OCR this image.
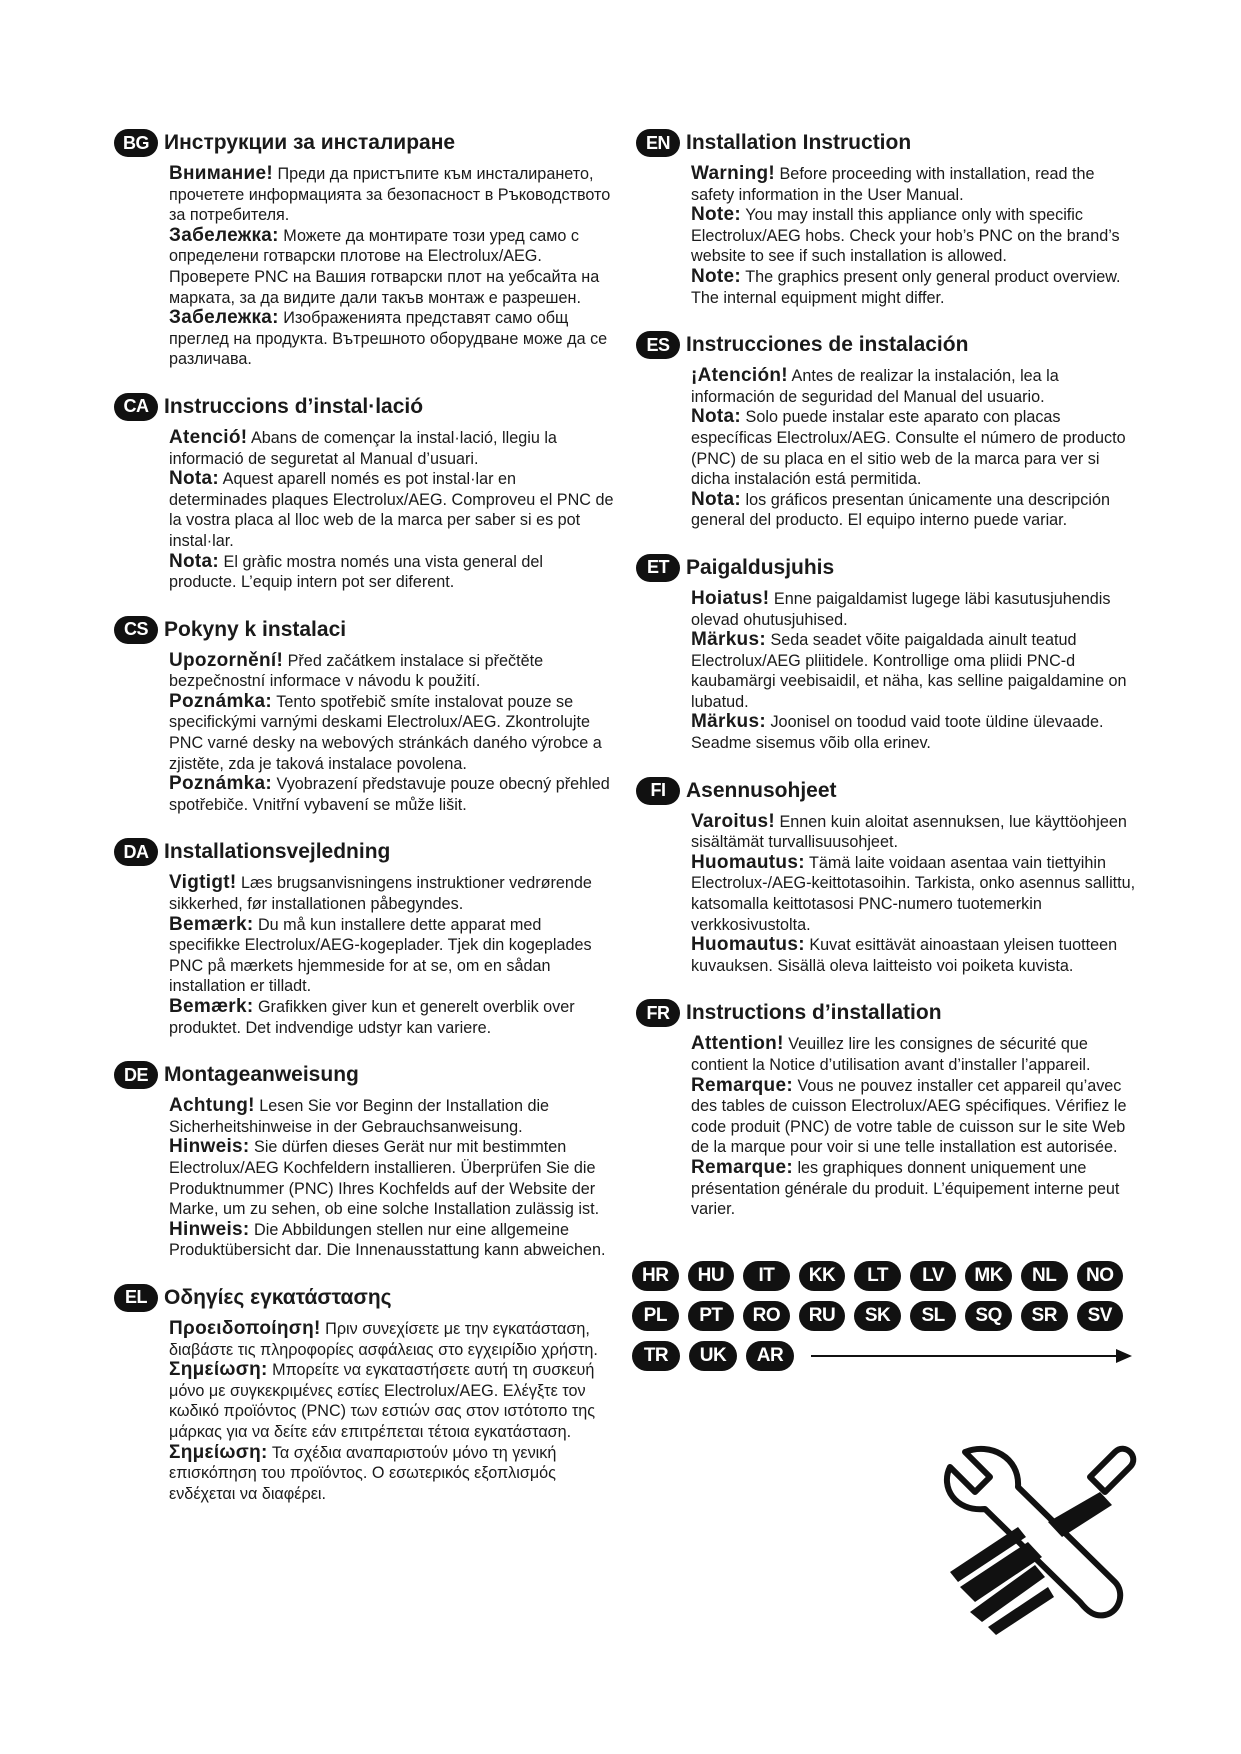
BG Инструкции за инсталиране

Внимание! Преди да пристъпите към инсталирането, прочетете информацията за безопасност в Ръководството за потребителя.

Забележка: Можете да монтирате този уред само с определени готварски плотове на Electrolux/AEG. Проверете PNC на Вашия готварски плот на уебсайта на марката, за да видите дали такъв монтаж е разрешен.

Забележка: Изображенията представят само общ преглед на продукта. Вътрешното оборудване може да се различава.

CA Instruccions d’instal·lació

Atenció! Abans de començar la instal·lació, llegiu la informació de seguretat al Manual d’usuari.

Nota: Aquest aparell només es pot instal·lar en determinades plaques Electrolux/AEG. Comproveu el PNC de la vostra placa al lloc web de la marca per saber si es pot instal·lar.

Nota: El gràfic mostra només una vista general del producte. L’equip intern pot ser diferent.

CS Pokyny k instalaci

Upozornění! Před začátkem instalace si přečtěte bezpečnostní informace v návodu k použití.

Poznámka: Tento spotřebič smíte instalovat pouze se specifickými varnými deskami Electrolux/AEG. Zkontrolujte PNC varné desky na webových stránkách daného výrobce a zjistěte, zda je taková instalace povolena.

Poznámka: Vyobrazení představuje pouze obecný přehled spotřebiče. Vnitřní vybavení se může lišit.

DA Installationsvejledning

Vigtigt! Læs brugsanvisningens instruktioner vedrørende sikkerhed, før installationen påbegyndes.

Bemærk: Du må kun installere dette apparat med specifikke Electrolux/AEG-kogeplader. Tjek din kogeplades PNC på mærkets hjemmeside for at se, om en sådan installation er tilladt.

Bemærk: Grafikken giver kun et generelt overblik over produktet. Det indvendige udstyr kan variere.

DE Montageanweisung

Achtung! Lesen Sie vor Beginn der Installation die Sicherheitshinweise in der Gebrauchsanweisung.

Hinweis: Sie dürfen dieses Gerät nur mit bestimmten Electrolux/AEG Kochfeldern installieren. Überprüfen Sie die Produktnummer (PNC) Ihres Kochfelds auf der Website der Marke, um zu sehen, ob eine solche Installation zulässig ist.

Hinweis: Die Abbildungen stellen nur eine allgemeine Produktübersicht dar. Die Innenausstattung kann abweichen.

EL Οδηγίες εγκατάστασης

Προειδοποίηση! Πριν συνεχίσετε με την εγκατάσταση, διαβάστε τις πληροφορίες ασφάλειας στο εγχειρίδιο χρήστη.

Σημείωση: Μπορείτε να εγκαταστήσετε αυτή τη συσκευή μόνο με συγκεκριμένες εστίες Electrolux/AEG. Ελέγξτε τον κωδικό προϊόντος (PNC) των εστιών σας στον ιστότοπο της μάρκας για να δείτε εάν επιτρέπεται τέτοια εγκατάσταση.

Σημείωση: Τα σχέδια αναπαριστούν μόνο τη γενική επισκόπηση του προϊόντος. Ο εσωτερικός εξοπλισμός ενδέχεται να διαφέρει.

EN Installation Instruction

Warning! Before proceeding with installation, read the safety information in the User Manual.

Note: You may install this appliance only with specific Electrolux/AEG hobs. Check your hob’s PNC on the brand’s website to see if such installation is allowed.

Note: The graphics present only general product overview. The internal equipment might differ.

ES Instrucciones de instalación

¡Atención! Antes de realizar la instalación, lea la información de seguridad del Manual del usuario.

Nota: Solo puede instalar este aparato con placas específicas Electrolux/AEG. Consulte el número de producto (PNC) de su placa en el sitio web de la marca para ver si dicha instalación está permitida.

Nota: los gráficos presentan únicamente una descripción general del producto. El equipo interno puede variar.

ET Paigaldusjuhis

Hoiatus! Enne paigaldamist lugege läbi kasutusjuhendis olevad ohutusjuhised.

Märkus: Seda seadet võite paigaldada ainult teatud Electrolux/AEG pliitidele. Kontrollige oma pliidi PNC-d kaubamärgi veebisaidil, et näha, kas selline paigaldamine on lubatud.

Märkus: Joonisel on toodud vaid toote üldine ülevaade. Seadme sisemus võib olla erinev.

FI Asennusohjeet

Varoitus! Ennen kuin aloitat asennuksen, lue käyttöohjeen sisältämät turvallisuusohjeet.

Huomautus: Tämä laite voidaan asentaa vain tiettyihin Electrolux-/AEG-keittotasoihin. Tarkista, onko asennus sallittu, katsomalla keittotasosi PNC-numero tuotemerkin verkkosivustolta.

Huomautus: Kuvat esittävät ainoastaan yleisen tuotteen kuvauksen. Sisällä oleva laitteisto voi poiketa kuvista.

FR Instructions d’installation

Attention! Veuillez lire les consignes de sécurité que contient la Notice d’utilisation avant d’installer l’appareil.

Remarque: Vous ne pouvez installer cet appareil qu’avec des tables de cuisson Electrolux/AEG spécifiques. Vérifiez le code produit (PNC) de votre table de cuisson sur le site Web de la marque pour voir si une telle installation est autorisée.

Remarque: les graphiques donnent uniquement une présentation générale du produit. L’équipement interne peut varier.

HR	HU	IT	KK	LT	LV	MK	NL	NO
PL	PT	RO	RU	SK	SL	SQ	SR	SV
TR	UK	AR
